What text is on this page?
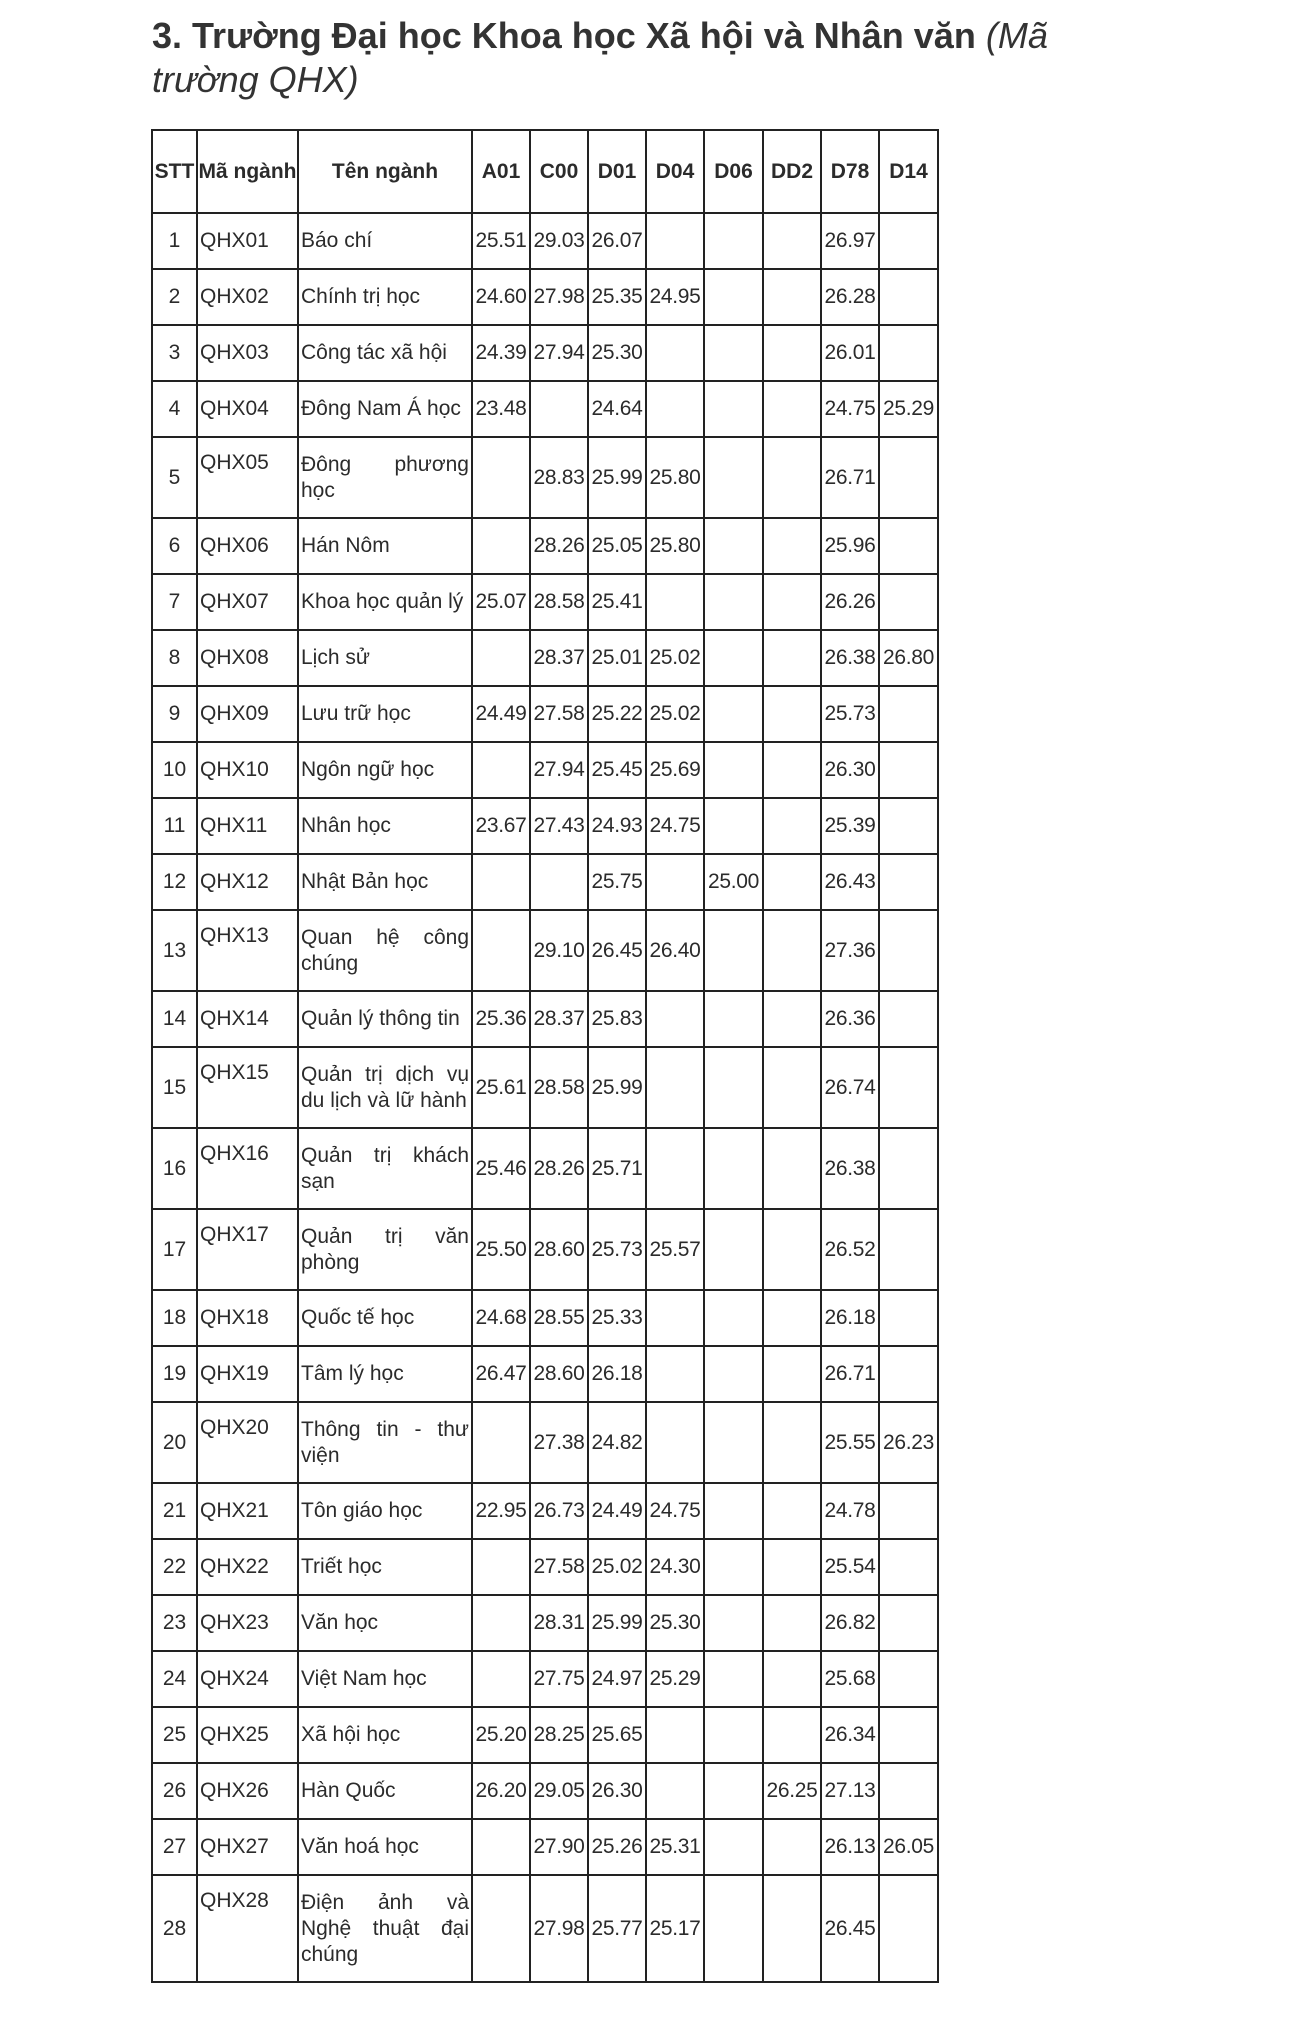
3. Trường Đại học Khoa học Xã hội và Nhân văn (Mã trường QHX)
STT	Mã ngành	Tên ngành	A01	C00	D01	D04	D06	DD2	D78	D14
1	QHX01	Báo chí	25.51	29.03	26.07				26.97	
2	QHX02	Chính trị học	24.60	27.98	25.35	24.95			26.28	
3	QHX03	Công tác xã hội	24.39	27.94	25.30				26.01	
4	QHX04	Đông Nam Á học	23.48		24.64				24.75	25.29
5	QHX05	Đông phương học		28.83	25.99	25.80			26.71	
6	QHX06	Hán Nôm		28.26	25.05	25.80			25.96	
7	QHX07	Khoa học quản lý	25.07	28.58	25.41				26.26	
8	QHX08	Lịch sử		28.37	25.01	25.02			26.38	26.80
9	QHX09	Lưu trữ học	24.49	27.58	25.22	25.02			25.73	
10	QHX10	Ngôn ngữ học		27.94	25.45	25.69			26.30	
11	QHX11	Nhân học	23.67	27.43	24.93	24.75			25.39	
12	QHX12	Nhật Bản học			25.75		25.00		26.43	
13	QHX13	Quan hệ công chúng		29.10	26.45	26.40			27.36	
14	QHX14	Quản lý thông tin	25.36	28.37	25.83				26.36	
15	QHX15	Quản trị dịch vụ du lịch và lữ hành	25.61	28.58	25.99				26.74	
16	QHX16	Quản trị khách sạn	25.46	28.26	25.71				26.38	
17	QHX17	Quản trị văn phòng	25.50	28.60	25.73	25.57			26.52	
18	QHX18	Quốc tế học	24.68	28.55	25.33				26.18	
19	QHX19	Tâm lý học	26.47	28.60	26.18				26.71	
20	QHX20	Thông tin - thư viện		27.38	24.82				25.55	26.23
21	QHX21	Tôn giáo học	22.95	26.73	24.49	24.75			24.78	
22	QHX22	Triết học		27.58	25.02	24.30			25.54	
23	QHX23	Văn học		28.31	25.99	25.30			26.82	
24	QHX24	Việt Nam học		27.75	24.97	25.29			25.68	
25	QHX25	Xã hội học	25.20	28.25	25.65				26.34	
26	QHX26	Hàn Quốc	26.20	29.05	26.30			26.25	27.13	
27	QHX27	Văn hoá học		27.90	25.26	25.31			26.13	26.05
28	QHX28	Điện ảnh và Nghệ thuật đại chúng		27.98	25.77	25.17			26.45	
